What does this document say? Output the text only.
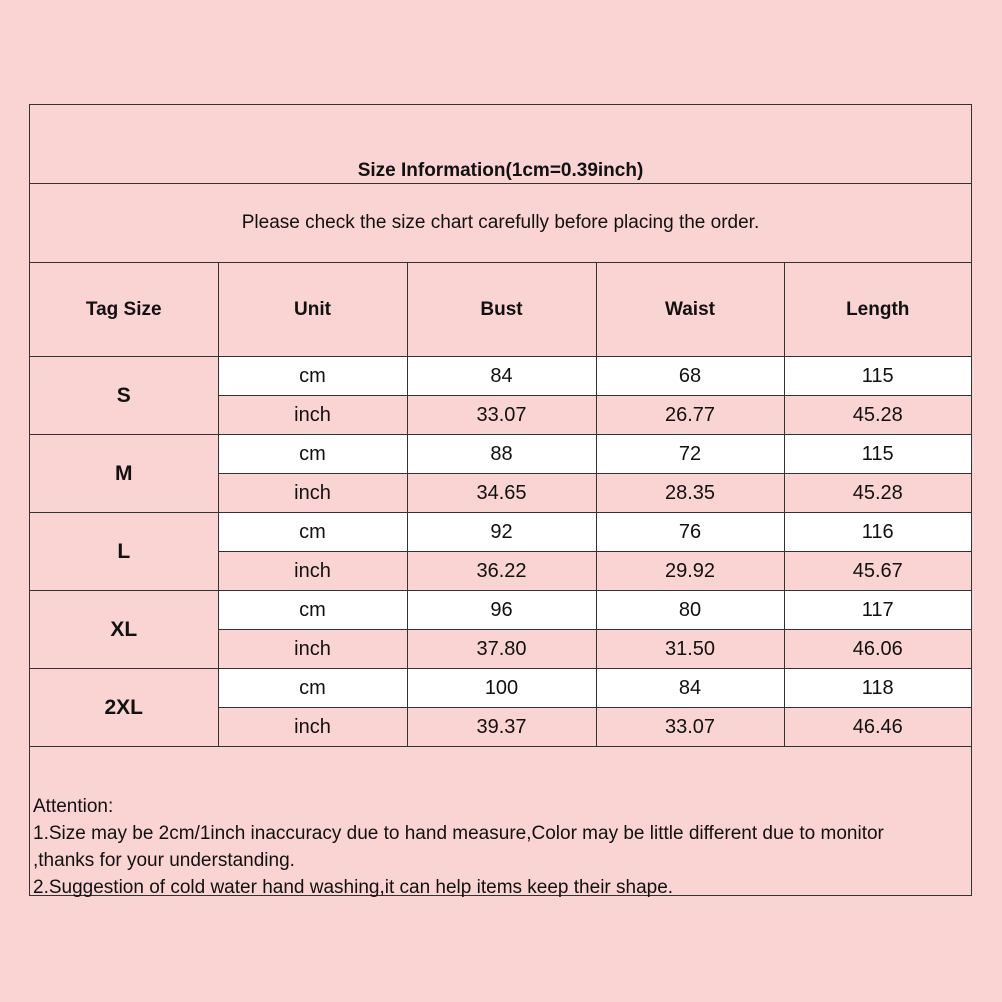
Size Information(1cm=0.39inch)
Please check the size chart carefully before placing the order.
Tag Size	Unit	Bust	Waist	Length
S	cm	84	68	115
	inch	33.07	26.77	45.28
M	cm	88	72	115
	inch	34.65	28.35	45.28
L	cm	92	76	116
	inch	36.22	29.92	45.67
XL	cm	96	80	117
	inch	37.80	31.50	46.06
2XL	cm	100	84	118
	inch	39.37	33.07	46.46
Attention:
1.Size may be 2cm/1inch inaccuracy due to hand measure,Color may be little different due to monitor
,thanks for your understanding.
2.Suggestion of cold water hand washing,it can help items keep their shape.
